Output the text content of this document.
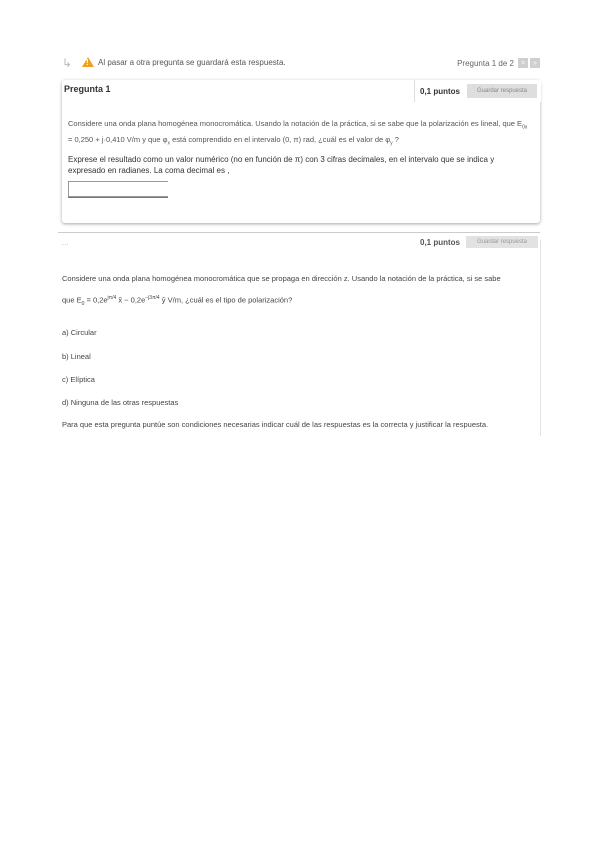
↳ ! Al pasar a otra pregunta se guardará esta respuesta.	Pregunta 1 de 2 >	»
Pregunta 1	0,1 puntos	Guardar respuesta
Considere una onda plana homogénea monocromática. Usando la notación de la práctica, si se sabe que la polarización es lineal, que $E_{0x} = 0,250 + j\cdot 0,410$ V/m y que $\varphi_x$ está comprendido en el intervalo (0, π) rad, ¿cuál es el valor de $\varphi_y$ ?
Exprese el resultado como un valor numérico (no en función de π) con 3 cifras decimales, en el intervalo que se indica y expresado en radianes. La coma decimal es ,
...	0,1 puntos	Guardar respuesta
Considere una onda plana homogénea monocromática que se propaga en dirección z. Usando la notación de la práctica, si se sabe
que $E_0 = 0,2e^{j\pi/4}$ x̂ − $0,2e^{-j3\pi/4}$ ŷ V/m, ¿cuál es el tipo de polarización?
a) Circular
b) Lineal
c) Elíptica
d) Ninguna de las otras respuestas
Para que esta pregunta puntúe son condiciones necesarias indicar cuál de las respuestas es la correcta y justificar la respuesta.
